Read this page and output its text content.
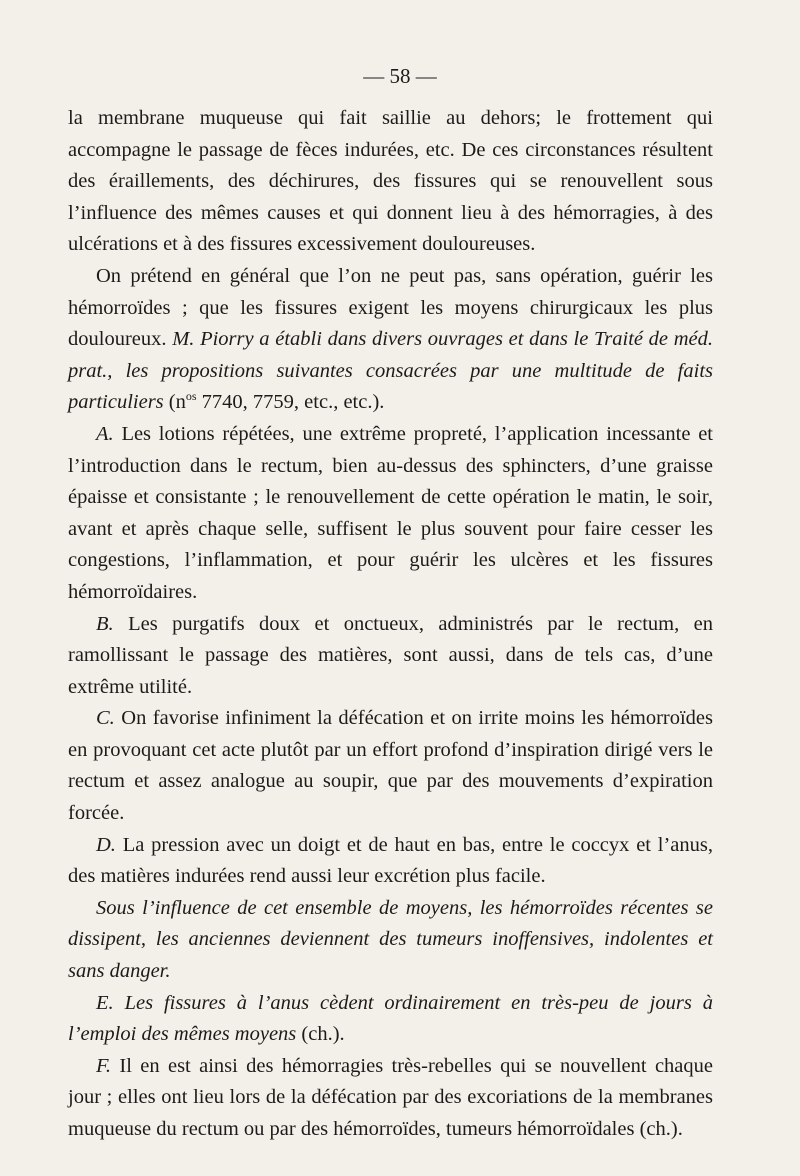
— 58 —

la membrane muqueuse qui fait saillie au dehors; le frottement qui accompagne le passage de fèces indurées, etc. De ces circonstances résultent des éraillements, des déchirures, des fissures qui se renouvellent sous l’influence des mêmes causes et qui donnent lieu à des hémorragies, à des ulcérations et à des fissures excessivement douloureuses.

On prétend en général que l’on ne peut pas, sans opération, guérir les hémorroïdes ; que les fissures exigent les moyens chirurgicaux les plus douloureux. M. Piorry a établi dans divers ouvrages et dans le Traité de méd. prat., les propositions suivantes consacrées par une multitude de faits particuliers ($n^{os}$ 7740, 7759, etc., etc.).

A. Les lotions répétées, une extrême propreté, l’application incessante et l’introduction dans le rectum, bien au-dessus des sphincters, d’une graisse épaisse et consistante ; le renouvellement de cette opération le matin, le soir, avant et après chaque selle, suffisent le plus souvent pour faire cesser les congestions, l’inflammation, et pour guérir les ulcères et les fissures hémorroïdaires.

B. Les purgatifs doux et onctueux, administrés par le rectum, en ramollissant le passage des matières, sont aussi, dans de tels cas, d’une extrême utilité.

C. On favorise infiniment la défécation et on irrite moins les hémorroïdes en provoquant cet acte plutôt par un effort profond d’inspiration dirigé vers le rectum et assez analogue au soupir, que par des mouvements d’expiration forcée.

D. La pression avec un doigt et de haut en bas, entre le coccyx et l’anus, des matières indurées rend aussi leur excrétion plus facile.

Sous l’influence de cet ensemble de moyens, les hémorroïdes récentes se dissipent, les anciennes deviennent des tumeurs inoffensives, indolentes et sans danger.

E. Les fissures à l’anus cèdent ordinairement en très-peu de jours à l’emploi des mêmes moyens (ch.).

F. Il en est ainsi des hémorragies très-rebelles qui se nouvellent chaque jour ; elles ont lieu lors de la défécation par des excoriations de la membranes muqueuse du rectum ou par des hémorroïdes, tumeurs hémorroïdales (ch.).
